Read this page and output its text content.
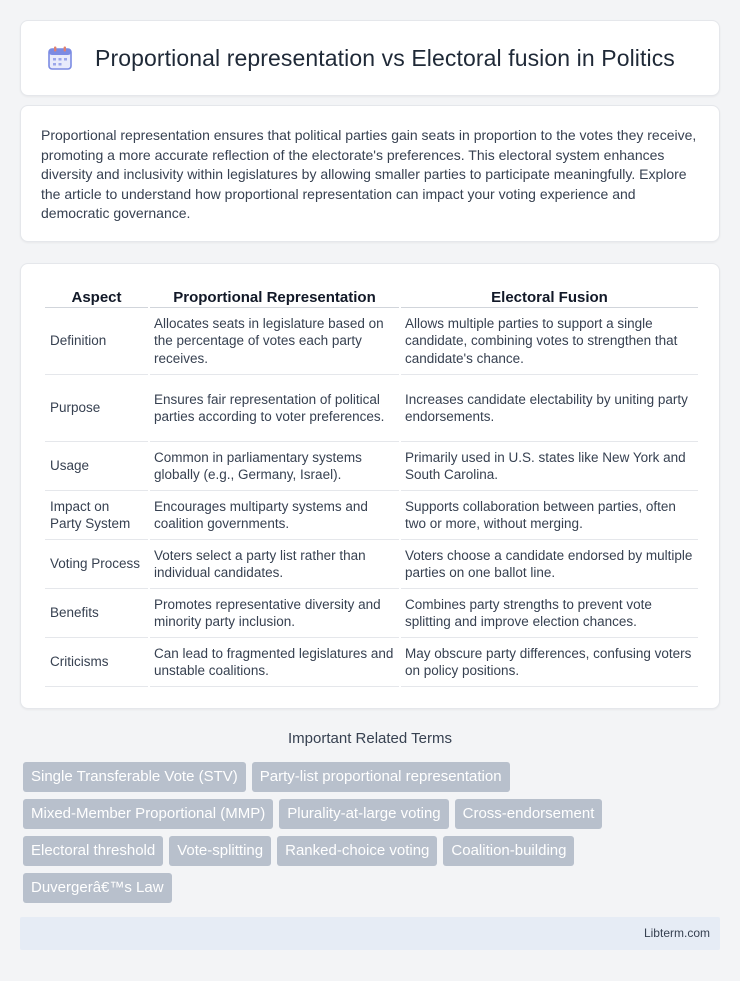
Proportional representation vs Electoral fusion in Politics

Proportional representation ensures that political parties gain seats in proportion to the votes they receive, promoting a more accurate reflection of the electorate's preferences. This electoral system enhances diversity and inclusivity within legislatures by allowing smaller parties to participate meaningfully. Explore the article to understand how proportional representation can impact your voting experience and democratic governance.

Aspect	Proportional Representation	Electoral Fusion
Definition	Allocates seats in legislature based on the percentage of votes each party receives.	Allows multiple parties to support a single candidate, combining votes to strengthen that candidate's chance.
Purpose	Ensures fair representation of political parties according to voter preferences.	Increases candidate electability by uniting party endorsements.
Usage	Common in parliamentary systems globally (e.g., Germany, Israel).	Primarily used in U.S. states like New York and South Carolina.
Impact on Party System	Encourages multiparty systems and coalition governments.	Supports collaboration between parties, often two or more, without merging.
Voting Process	Voters select a party list rather than individual candidates.	Voters choose a candidate endorsed by multiple parties on one ballot line.
Benefits	Promotes representative diversity and minority party inclusion.	Combines party strengths to prevent vote splitting and improve election chances.
Criticisms	Can lead to fragmented legislatures and unstable coalitions.	May obscure party differences, confusing voters on policy positions.
Important Related Terms
Single Transferable Vote (STV)	Party-list proportional representation
Mixed-Member Proportional (MMP)	Plurality-at-large voting	Cross-endorsement
Electoral threshold	Vote-splitting	Ranked-choice voting	Coalition-building
Duvergerâ€™s Law
Libterm.com
